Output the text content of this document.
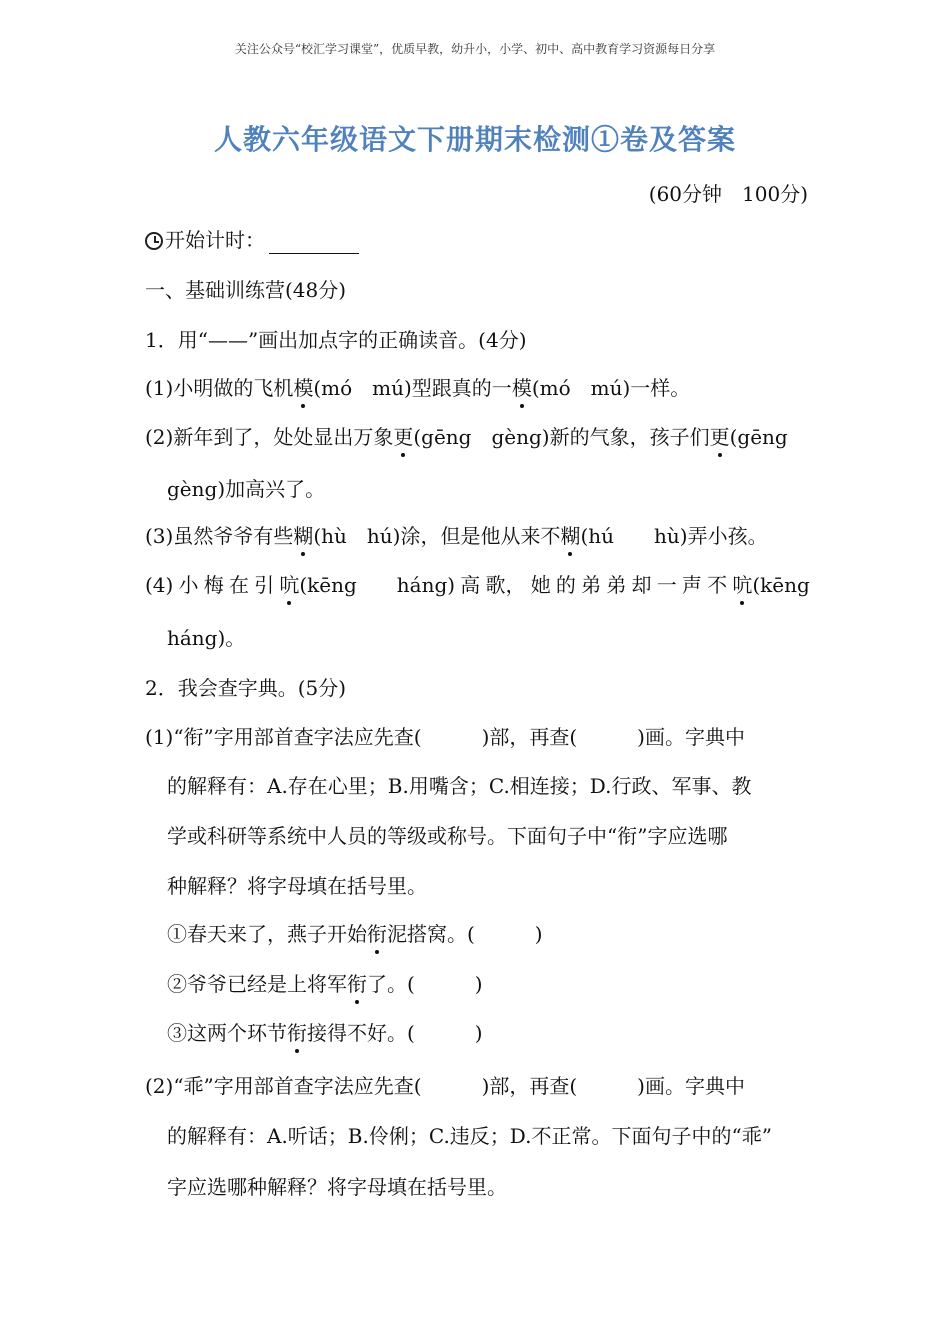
关注公众号“校汇学习课堂”，优质早教，幼升小，小学、初中、高中教育学习资源每日分享
人教六年级语文下册期末检测①卷及答案
(60分钟　100分)
开始计时：
一、基础训练营(48分)
1．用“——”画出加点字的正确读音。(4分)
(1)小明做的飞机模(mó　mú)型跟真的一模(mó　mú)一样。
(2)新年到了，处处显出万象更(gēng　gèng)新的气象，孩子们更(gēng
gèng)加高兴了。
(3)虽然爷爷有些糊(hù　hú)涂，但是他从来不糊(hú　　hù)弄小孩。
(4) 小 梅 在 引 吭(kēng　　háng) 高 歌， 她 的 弟 弟 却 一 声 不 吭(kēng
háng)。
2．我会查字典。(5分)
(1)“衔”字用部首查字法应先查(　　　)部，再查(　　　)画。字典中
的解释有：A.存在心里；B.用嘴含；C.相连接；D.行政、军事、教
学或科研等系统中人员的等级或称号。下面句子中“衔”字应选哪
种解释？将字母填在括号里。
①春天来了，燕子开始衔泥搭窝。(　　　)
②爷爷已经是上将军衔了。(　　　)
③这两个环节衔接得不好。(　　　)
(2)“乖”字用部首查字法应先查(　　　)部，再查(　　　)画。字典中
的解释有：A.听话；B.伶俐；C.违反；D.不正常。下面句子中的“乖”
字应选哪种解释？将字母填在括号里。
